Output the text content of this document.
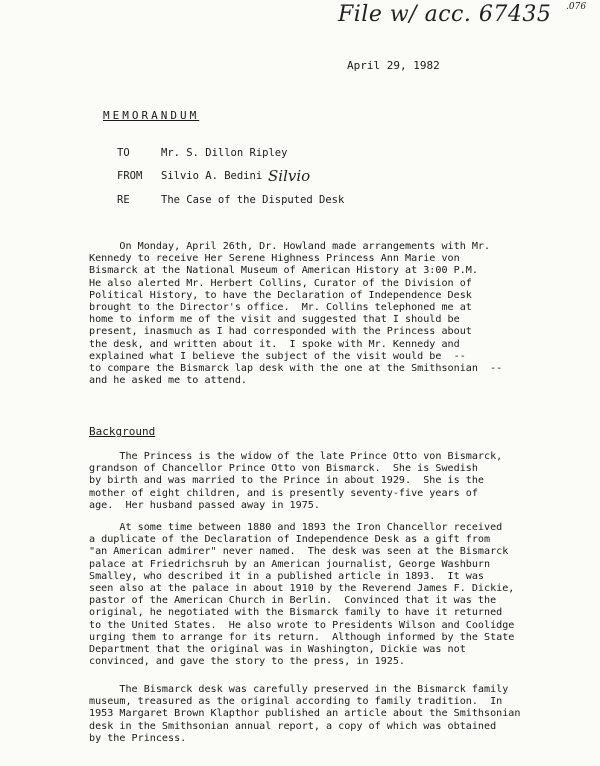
File w/ acc. 67435 .076
April 29, 1982
MEMORANDUM
TO	Mr. S. Dillon Ripley
FROM Silvio A. Bedini Silvio
RE	The Case of the Disputed Desk
On Monday, April 26th, Dr. Howland made arrangements with Mr.
Kennedy to receive Her Serene Highness Princess Ann Marie von
Bismarck at the National Museum of American History at 3:00 P.M.
He also alerted Mr. Herbert Collins, Curator of the Division of
Political History, to have the Declaration of Independence Desk
brought to the Director's office.  Mr. Collins telephoned me at
home to inform me of the visit and suggested that I should be
present, inasmuch as I had corresponded with the Princess about
the desk, and written about it.  I spoke with Mr. Kennedy and
explained what I believe the subject of the visit would be  --
to compare the Bismarck lap desk with the one at the Smithsonian  --
and he asked me to attend.
Background
The Princess is the widow of the late Prince Otto von Bismarck,
grandson of Chancellor Prince Otto von Bismarck.  She is Swedish
by birth and was married to the Prince in about 1929.  She is the
mother of eight children, and is presently seventy-five years of
age.  Her husband passed away in 1975.
At some time between 1880 and 1893 the Iron Chancellor received
a duplicate of the Declaration of Independence Desk as a gift from
"an American admirer" never named.  The desk was seen at the Bismarck
palace at Friedrichsruh by an American journalist, George Washburn
Smalley, who described it in a published article in 1893.  It was
seen also at the palace in about 1910 by the Reverend James F. Dickie,
pastor of the American Church in Berlin.  Convinced that it was the
original, he negotiated with the Bismarck family to have it returned
to the United States.  He also wrote to Presidents Wilson and Coolidge
urging them to arrange for its return.  Although informed by the State
Department that the original was in Washington, Dickie was not
convinced, and gave the story to the press, in 1925.
The Bismarck desk was carefully preserved in the Bismarck family
museum, treasured as the original according to family tradition.  In
1953 Margaret Brown Klapthor published an article about the Smithsonian
desk in the Smithsonian annual report, a copy of which was obtained
by the Princess.
